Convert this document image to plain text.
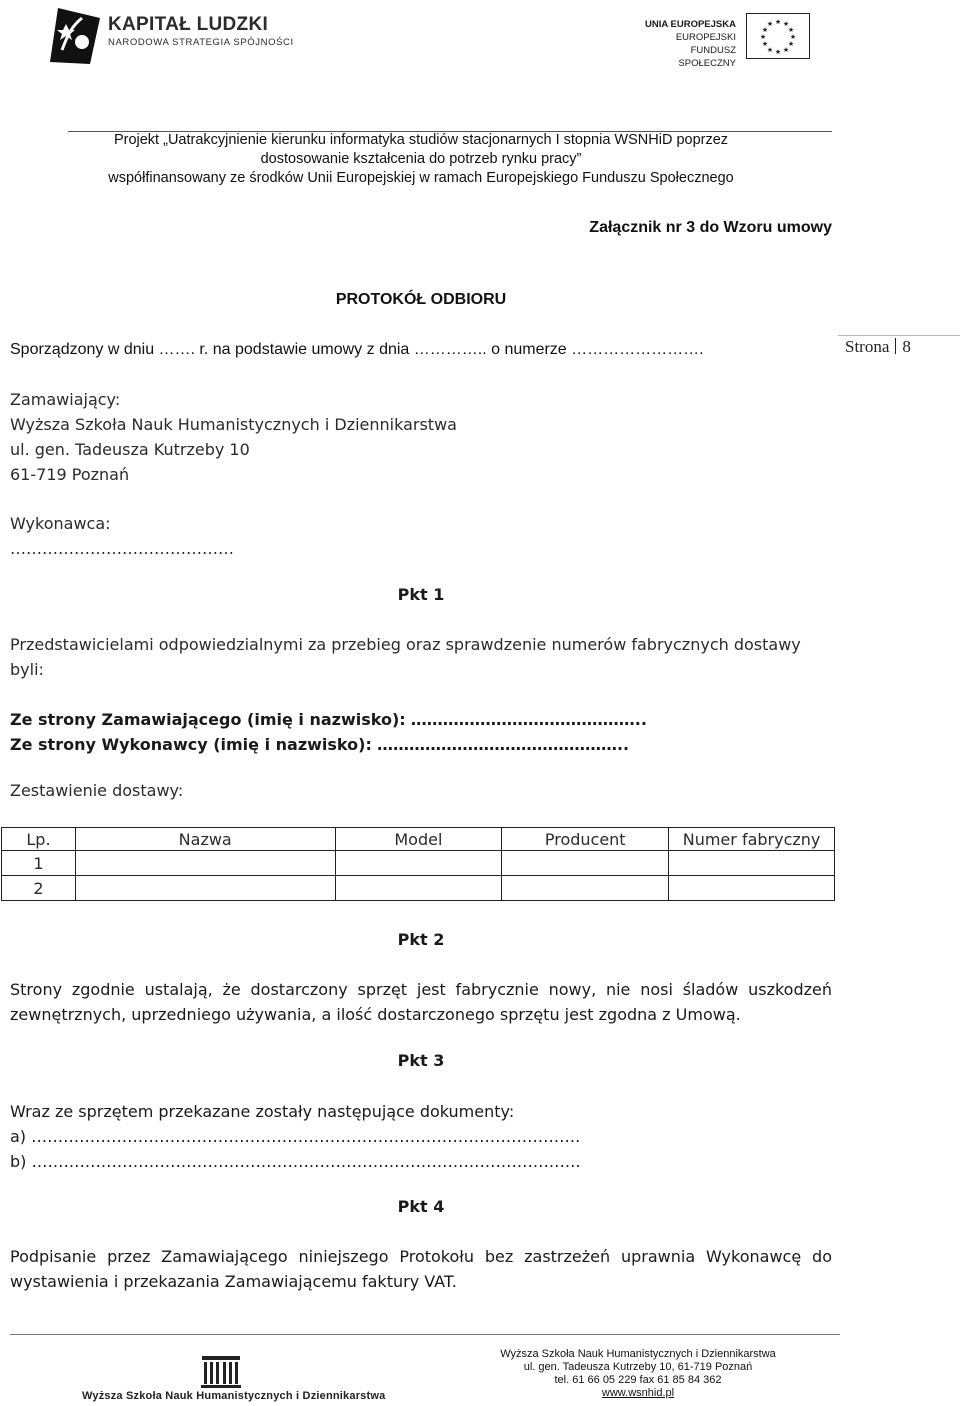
KAPITAŁ LUDZKI
NARODOWA STRATEGIA SPÓJNOŚCI
UNIA EUROPEJSKA
EUROPEJSKI
FUNDUSZ SPOŁECZNY
★ ★
★
★
★
★
★
★
★
★
★
★
Projekt „Uatrakcyjnienie kierunku informatyka studiów stacjonarnych I stopnia WSNHiD poprzez
dostosowanie kształcenia do potrzeb rynku pracy”
współfinansowany ze środków Unii Europejskiej w ramach Europejskiego Funduszu Społecznego
Załącznik nr 3 do Wzoru umowy
PROTOKÓŁ ODBIORU
Sporządzony w dniu ……. r. na podstawie umowy z dnia ………….. o numerze …………………….	Strona 8
Zamawiający:
Wyższa Szkoła Nauk Humanistycznych i Dziennikarstwa
ul. gen. Tadeusza Kutrzeby 10
61-719 Poznań
Wykonawca:
……………………………………
Pkt 1
Przedstawicielami odpowiedzialnymi za przebieg oraz sprawdzenie numerów fabrycznych dostawy byli:
Ze strony Zamawiającego (imię i nazwisko): ……………………………………..
Ze strony Wykonawcy (imię i nazwisko): ………………………………………..
Zestawienie dostawy:
Lp.	Nazwa	Model	Producent	Numer fabryczny
1				
2				
Pkt 2
Strony zgodnie ustalają, że dostarczony sprzęt jest fabrycznie nowy, nie nosi śladów uszkodzeń zewnętrznych, uprzedniego używania, a ilość dostarczonego sprzętu jest zgodna z Umową.
Pkt 3
Wraz ze sprzętem przekazane zostały następujące dokumenty:
a) ………………………………………………………………………………………….
b) ………………………………………………………………………………………….
Pkt 4
Podpisanie przez Zamawiającego niniejszego Protokołu bez zastrzeżeń uprawnia Wykonawcę do wystawienia i przekazania Zamawiającemu faktury VAT.
Wyższa Szkoła Nauk Humanistycznych i Dziennikarstwa
Wyższa Szkoła Nauk Humanistycznych i Dziennikarstwa
ul. gen. Tadeusza Kutrzeby 10, 61-719 Poznań
tel. 61 66 05 229 fax 61 85 84 362
www.wsnhid.pl
